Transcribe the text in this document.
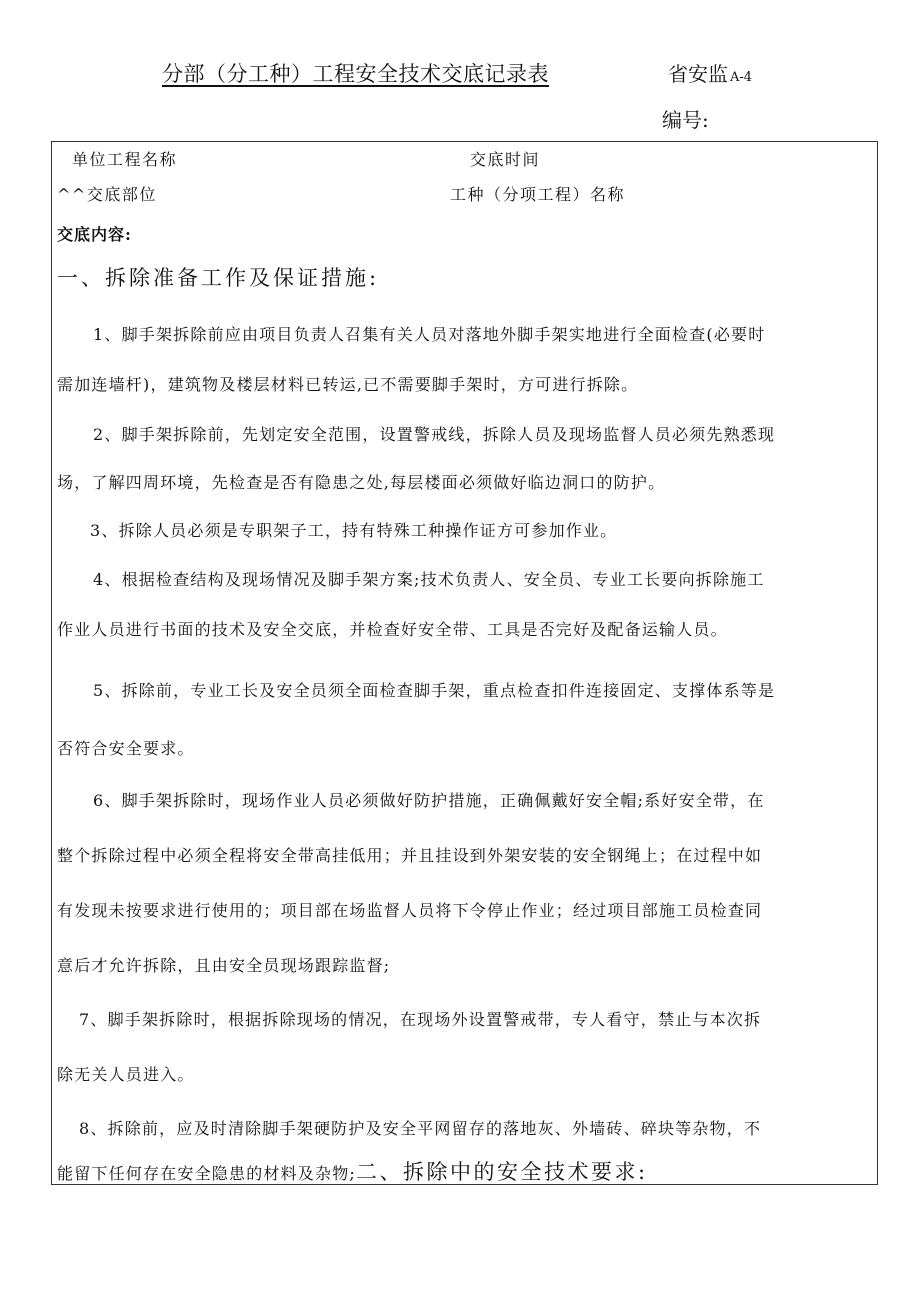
分部（分工种）工程安全技术交底记录表	省安监 A-4
编号:
单位工程名称	交底时间
^^交底部位	工种（分项工程）名称
交底内容:
一、拆除准备工作及保证措施:
1、脚手架拆除前应由项目负责人召集有关人员对落地外脚手架实地进行全面检查(必要时
需加连墙杆)，建筑物及楼层材料已转运,已不需要脚手架时，方可进行拆除。
2、脚手架拆除前，先划定安全范围，设置警戒线，拆除人员及现场监督人员必须先熟悉现
场，了解四周环境，先检查是否有隐患之处,每层楼面必须做好临边洞口的防护。
3、拆除人员必须是专职架子工，持有特殊工种操作证方可参加作业。
4、根据检查结构及现场情况及脚手架方案;技术负责人、安全员、专业工长要向拆除施工
作业人员进行书面的技术及安全交底，并检查好安全带、工具是否完好及配备运输人员。
5、拆除前，专业工长及安全员须全面检查脚手架，重点检查扣件连接固定、支撑体系等是
否符合安全要求。
6、脚手架拆除时，现场作业人员必须做好防护措施，正确佩戴好安全帽;系好安全带，在
整个拆除过程中必须全程将安全带高挂低用；并且挂设到外架安装的安全钢绳上；在过程中如
有发现未按要求进行使用的；项目部在场监督人员将下令停止作业；经过项目部施工员检查同
意后才允许拆除，且由安全员现场跟踪监督;
7、脚手架拆除时，根据拆除现场的情况，在现场外设置警戒带，专人看守，禁止与本次拆
除无关人员进入。
8、拆除前，应及时清除脚手架硬防护及安全平网留存的落地灰、外墙砖、碎块等杂物，不
能留下任何存在安全隐患的材料及杂物;二、拆除中的安全技术要求:
